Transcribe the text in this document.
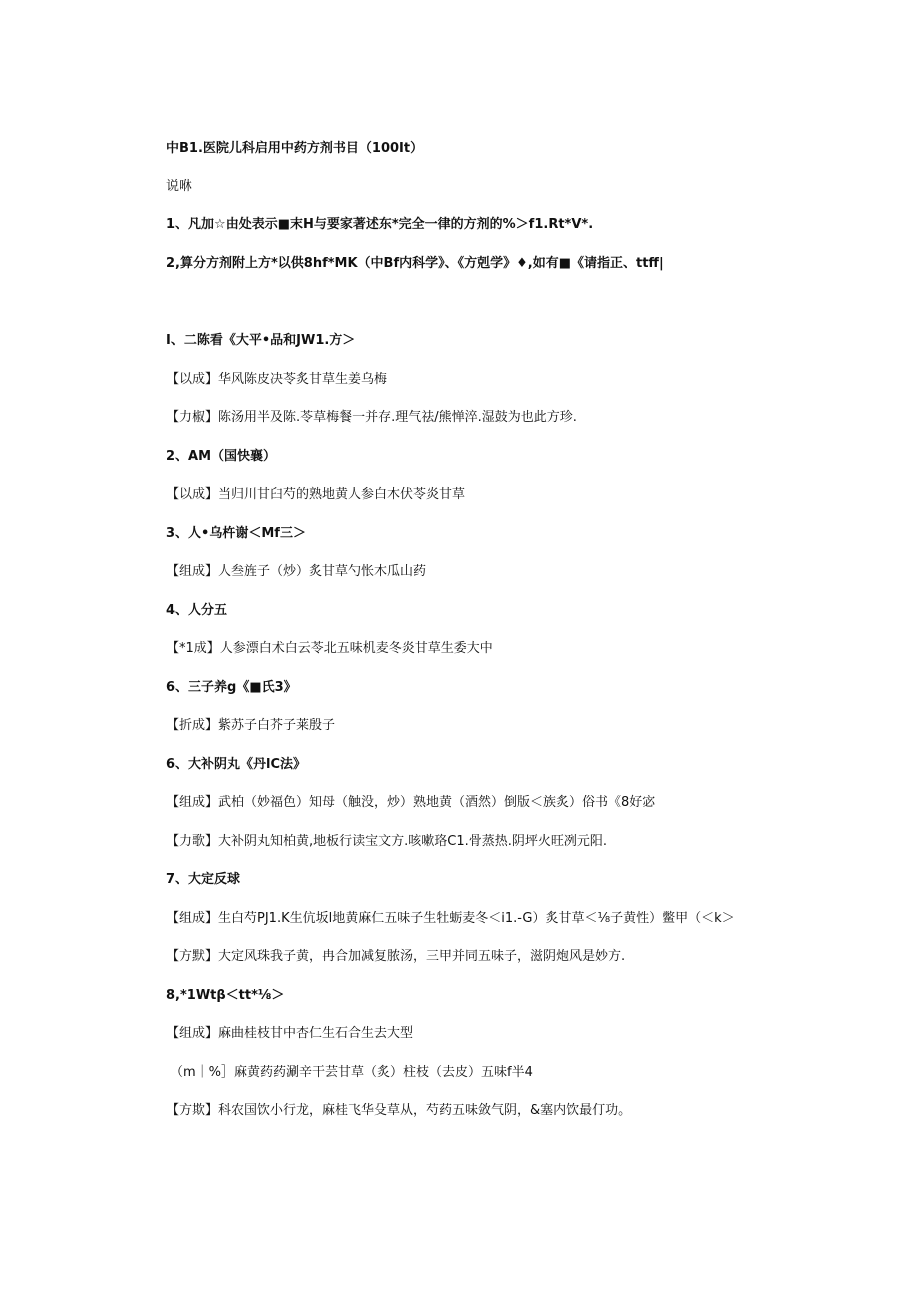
中B1.医院儿科启用中药方剂书目（100It）
说咻
1、凡加☆由处表示■末H与要家著述东*完全一律的方剂的%＞f1.Rt*V*.
2,算分方剂附上方*以供8hf*MK（中Bf内科学》、《方剋学》♦,如有■《请指正、ttff|
I、二陈看《大平•品和JW1.方＞
【以成】华风陈皮决苓炙甘草生姜乌梅
【力椒】陈汤用半及陈.苓草梅餐一并存.理气祛/熊惮淬.湿鼓为也此方珍.
2、AM（国快襄）
【以成】当归川甘臼芍的熟地黄人参白木伏苓炎甘草
3、人•乌杵谢＜Mf三＞
【组成】人叁旌子（炒）炙甘草勺怅木瓜山药
4、人分五
【*1成】人参漂白术白云苓北五味机麦冬炎甘草生委大中
6、三子养g《■氏3》
【折成】紫苏子白芥子莱殷子
6、大补阴丸《丹lC法》
【组成】武柏（妙福色）知母（触没，炒）熟地黄（酒然）倒版＜族炙）俗书《8好宓
【力歌】大补阴丸知柏黄,地板行读宝文方.咳嗽珞C1.骨蒸热.阴坪火旺冽元阳.
7、大定反球
【组成】生白芍PJ1.K生伉坂l地黄麻仁五味子生牡蛎麦冬＜i1.-G）炙甘草＜⅛子黄性）鳖甲（＜k＞
【方默】大定风珠我子黄，冉合加减复脓汤，三甲并同五味子，滋阴炮风是妙方.
8,*1Wtβ＜tt*⅛＞
【组成】麻曲桂枝甘中杏仁生石合生去大型
（m｜%］麻黄药药涮辛干芸甘草（炙）柱枝（去皮）五味f半4
【方欺】科农国饮小行龙，麻桂飞华殳草从，芍药五味敛气阴，&塞内饮最仃功。
